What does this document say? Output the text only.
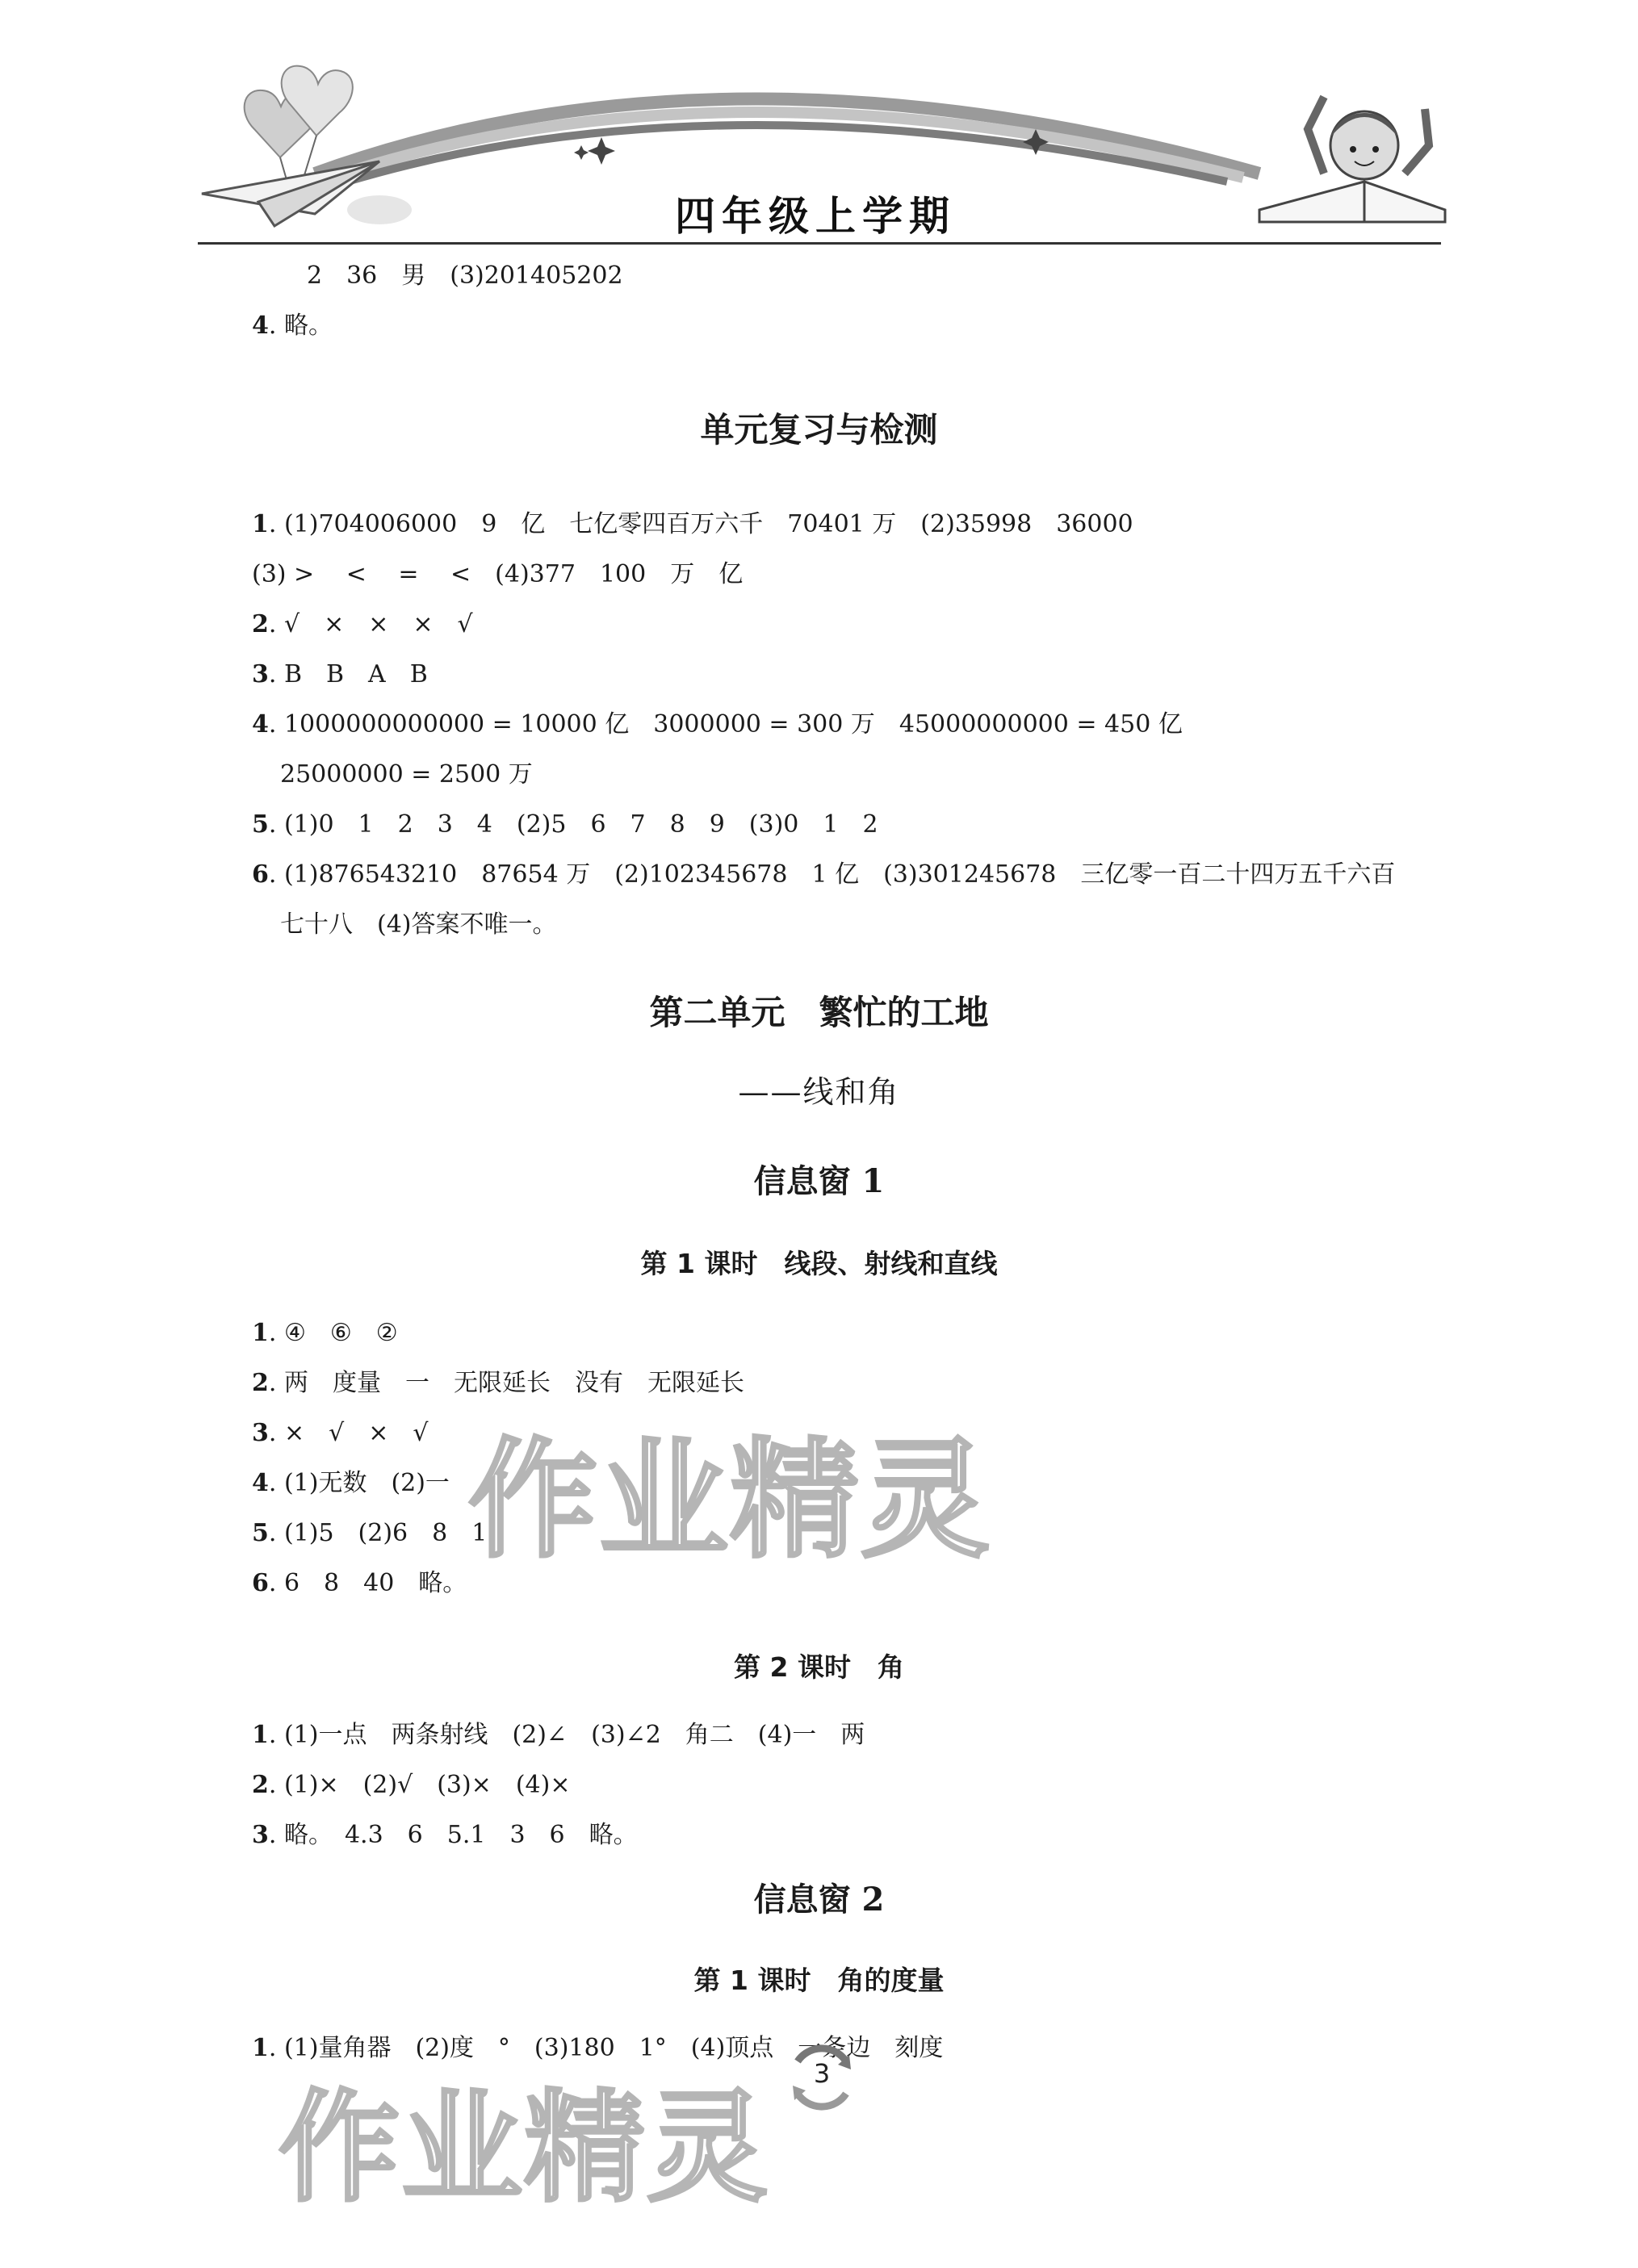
四年级上学期
2　36　男　(3)201405202
4. 略。
单元复习与检测
1. (1)704006000　9　亿　七亿零四百万六千　70401 万　(2)35998　36000
(3) >　 <　 =　 <　(4)377　100　万　亿
2. √　×　×　×　√
3. B　B　A　B
4. 1000000000000 = 10000 亿　3000000 = 300 万　45000000000 = 450 亿
25000000 = 2500 万
5. (1)0　1　2　3　4　(2)5　6　7　8　9　(3)0　1　2
6. (1)876543210　87654 万　(2)102345678　1 亿　(3)301245678　三亿零一百二十四万五千六百
七十八　(4)答案不唯一。
第二单元　繁忙的工地
——线和角
信息窗 1
第 1 课时　线段、射线和直线
1. ④　⑥　②
2. 两　度量　一　无限延长　没有　无限延长
3. ×　√　×　√
4. (1)无数　(2)一
5. (1)5　(2)6　8　1
6. 6　8　40　略。
第 2 课时　角
1. (1)一点　两条射线　(2)∠　(3)∠2　角二　(4)一　两
2. (1)×　(2)√　(3)×　(4)×
3. 略。　4.3　6　5.1　3　6　略。
信息窗 2
第 1 课时　角的度量
1. (1)量角器　(2)度　°　(3)180　1°　(4)顶点　一条边　刻度
作业精灵
作业精灵
3
